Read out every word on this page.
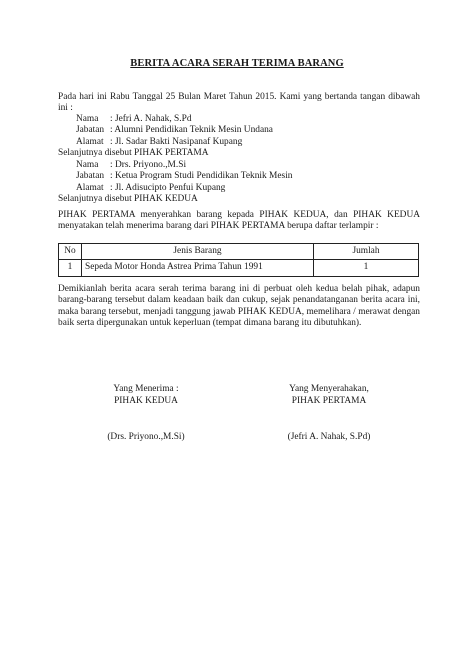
BERITA ACARA SERAH TERIMA BARANG
Pada hari ini Rabu Tanggal 25 Bulan Maret Tahun 2015. Kami yang bertanda tangan dibawah ini :
Nama	: Jefri A. Nahak, S.Pd
Jabatan : Alumni Pendidikan Teknik Mesin Undana
Alamat : Jl. Sadar Bakti Nasipanaf Kupang
Selanjutnya disebut PIHAK PERTAMA
Nama	: Drs. Priyono.,M.Si
Jabatan : Ketua Program Studi Pendidikan Teknik Mesin
Alamat : Jl. Adisucipto Penfui Kupang
Selanjutnya disebut PIHAK KEDUA
PIHAK PERTAMA menyerahkan barang kepada PIHAK KEDUA, dan PIHAK KEDUA menyatakan telah menerima barang dari PIHAK PERTAMA berupa daftar terlampir :
No	Jenis Barang	Jumlah
1	Sepeda Motor Honda Astrea Prima Tahun 1991	1
Demikianlah berita acara serah terima barang ini di perbuat oleh kedua belah pihak, adapun barang-barang tersebut dalam keadaan baik dan cukup, sejak penandatanganan berita acara ini, maka barang tersebut, menjadi tanggung jawab PIHAK KEDUA, memelihara / merawat dengan baik serta dipergunakan untuk keperluan (tempat dimana barang itu dibutuhkan).
Yang Menerima :
PIHAK KEDUA
Yang Menyerahakan,
PIHAK PERTAMA
(Drs. Priyono.,M.Si)	(Jefri A. Nahak, S.Pd)
